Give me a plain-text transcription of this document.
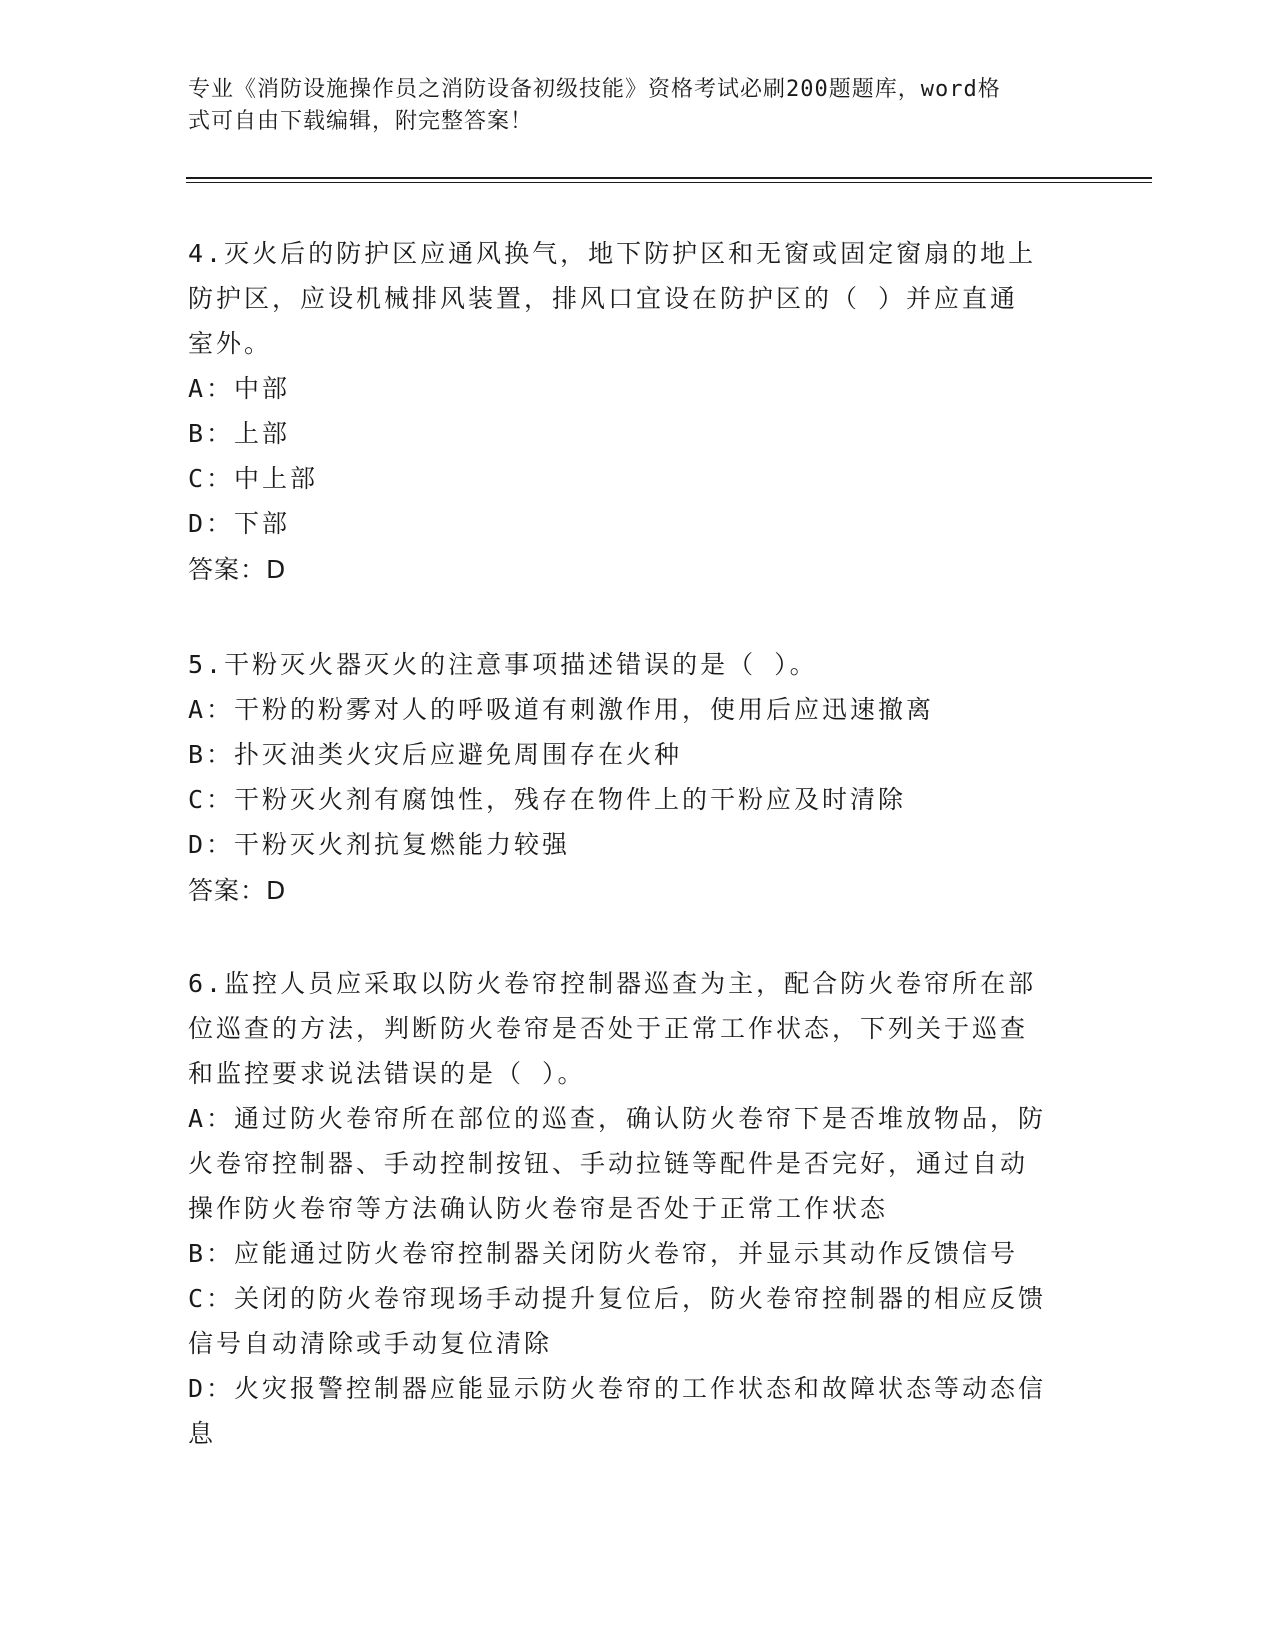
专业《消防设施操作员之消防设备初级技能》资格考试必刷200题题库，word格
式可自由下载编辑，附完整答案！
4.灭火后的防护区应通风换气，地下防护区和无窗或固定窗扇的地上
防护区，应设机械排风装置，排风口宜设在防护区的（ ）并应直通
室外。
A：中部
B：上部
C：中上部
D：下部
答案：D
5.干粉灭火器灭火的注意事项描述错误的是（ ）。
A：干粉的粉雾对人的呼吸道有刺激作用，使用后应迅速撤离
B：扑灭油类火灾后应避免周围存在火种
C：干粉灭火剂有腐蚀性，残存在物件上的干粉应及时清除
D：干粉灭火剂抗复燃能力较强
答案：D
6.监控人员应采取以防火卷帘控制器巡查为主，配合防火卷帘所在部
位巡查的方法，判断防火卷帘是否处于正常工作状态，下列关于巡查
和监控要求说法错误的是（ ）。
A：通过防火卷帘所在部位的巡查，确认防火卷帘下是否堆放物品，防
火卷帘控制器、手动控制按钮、手动拉链等配件是否完好，通过自动
操作防火卷帘等方法确认防火卷帘是否处于正常工作状态
B：应能通过防火卷帘控制器关闭防火卷帘，并显示其动作反馈信号
C：关闭的防火卷帘现场手动提升复位后，防火卷帘控制器的相应反馈
信号自动清除或手动复位清除
D：火灾报警控制器应能显示防火卷帘的工作状态和故障状态等动态信
息
